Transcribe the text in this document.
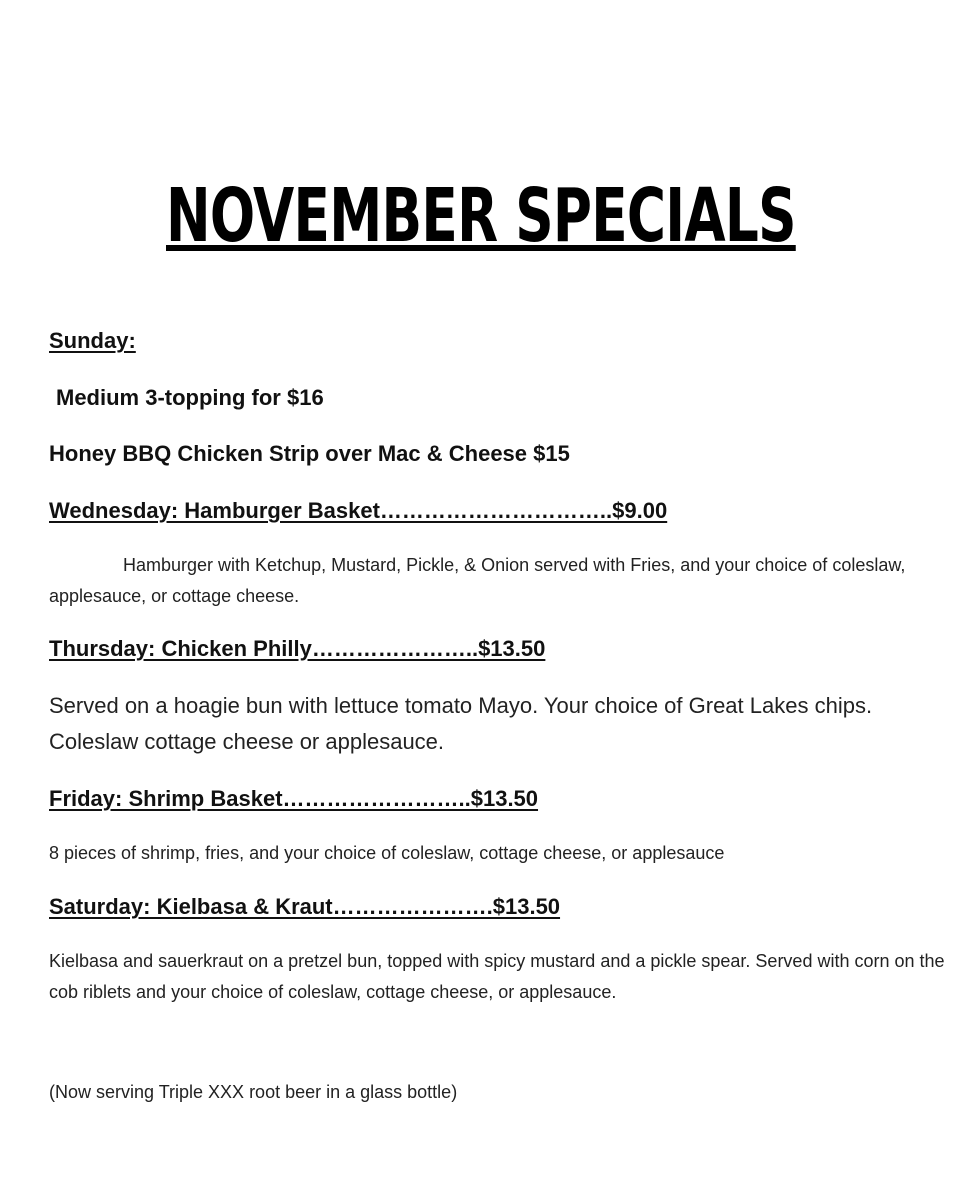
NOVEMBER SPECIALS

Sunday:

Medium 3-topping for $16

Honey BBQ Chicken Strip over Mac & Cheese $15

Wednesday: Hamburger Basket…………………………..$9.00

Hamburger with Ketchup, Mustard, Pickle, & Onion served with Fries, and your choice of coleslaw, applesauce, or cottage cheese.

Thursday: Chicken Philly…………………..$13.50

Served on a hoagie bun with lettuce tomato Mayo. Your choice of Great Lakes chips. Coleslaw cottage cheese or applesauce.

Friday: Shrimp Basket……………………..$13.50

8 pieces of shrimp, fries, and your choice of coleslaw, cottage cheese, or applesauce

Saturday: Kielbasa & Kraut………………….$13.50

Kielbasa and sauerkraut on a pretzel bun, topped with spicy mustard and a pickle spear. Served with corn on the cob riblets and your choice of coleslaw, cottage cheese, or applesauce.

(Now serving Triple XXX root beer in a glass bottle)
